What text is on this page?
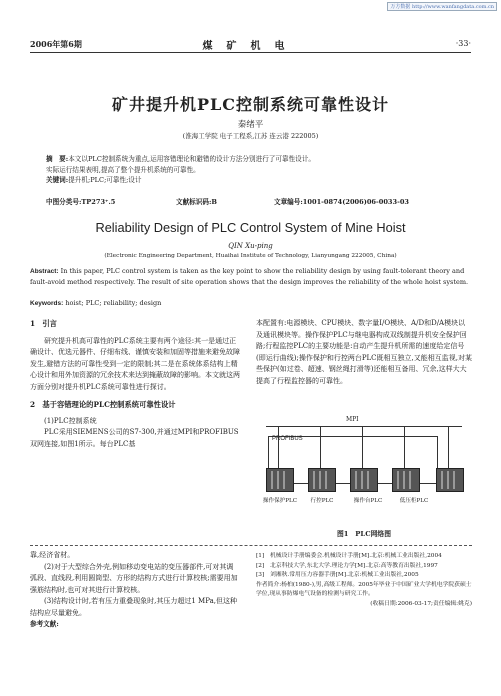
万方数据 http://www.wanfangdata.com.cn
2006年第6期	煤矿机电	·33·
矿井提升机PLC控制系统可靠性设计
秦绪平
(淮海工学院 电子工程系,江苏 连云港 222005)
摘　要:本文以PLC控制系统为重点,运用容错理论和避错的设计方法分别进行了可靠性设计。
实际运行结果表明,提高了整个提升机系统的可靠性。
关键词:提升机;PLC;可靠性;设计
中图分类号:TP273⁺.5	文献标识码:B	文章编号:1001-0874(2006)06-0033-03
Reliability Design of PLC Control System of Mine Hoist
QIN Xu-ping
(Electronic Engineering Department, Huaihai Institute of Technology, Lianyungang 222005, China)
Abstract: In this paper, PLC control system is taken as the key point to show the reliability design by using fault-tolerant theory and fault-avoid method respectively. The result of site operation shows that the design improves the reliability of the whole hoist system.
Keywords: hoist; PLC; reliability; design
1　引言
研究提升机高可靠性的PLC系统主要有两个途径:其一是通过正确设计、优选元器件、仔细布线、谨慎安装和加固等措施来避免故障发生,避错方法的可靠性受到一定的限制;其二是在系统体系结构上精心设计和用外加资源的冗余技术来达到掩蔽故障的影响。本文就这两方面分别对提升机PLC系统可靠性进行探讨。
2　基于容错理论的PLC控制系统可靠性设计
(1)PLC控制系统
PLC采用SIEMENS公司的S7-300,并通过MPI和PROFIBUS双网连接,如图1所示。每台PLC基
本配置有:电源模块、CPU模块、数字量I/O模块、A/D和D/A模块以及通讯模块等。操作保护PLC与继电器构成双线制提升机安全保护回路;行程监控PLC的主要功能是:自动产生提升机所需的速度给定信号(即运行曲线);操作保护和行控两台PLC既相互独立,又能相互监视,对某些保护(如过卷、超速、钢丝绳打滑等)还能相互备用、冗余,这样大大提高了行程监控器的可靠性。
MPI
PROFIBUS
操作保护PLC	行控PLC	操作台PLC	低压柜PLC
图1　PLC网络图
靠,经济省材。
(2)对于大型综合外壳,例如移动变电站的变压器部件,可对其调弧段、直线段,利用圆筒型、方形的结构方式进行计算校核;需要用加强筋结构时,也可对其进行计算校核。
(3)结构设计时,若有压力重叠现象时,其压力超过1 MPa,但这种结构应尽量避免。
参考文献:
[1]　机械设计手册编委会.机械设计手册[M].北京:机械工业出版社,2004
[2]　北京科技大学,东北大学.理论力学[M].北京:高等教育出版社,1997
[3]　刘湘秋.常用压力容器手册[M].北京:机械工业出版社,2005
作者简介:杨柏(1980-),男,高级工程师。2005年毕业于中国矿业大学机电学院获硕士学位,现从事防爆电气设备的检测与研究工作。
(收稿日期:2006-03-17;责任编辑:姚克)
